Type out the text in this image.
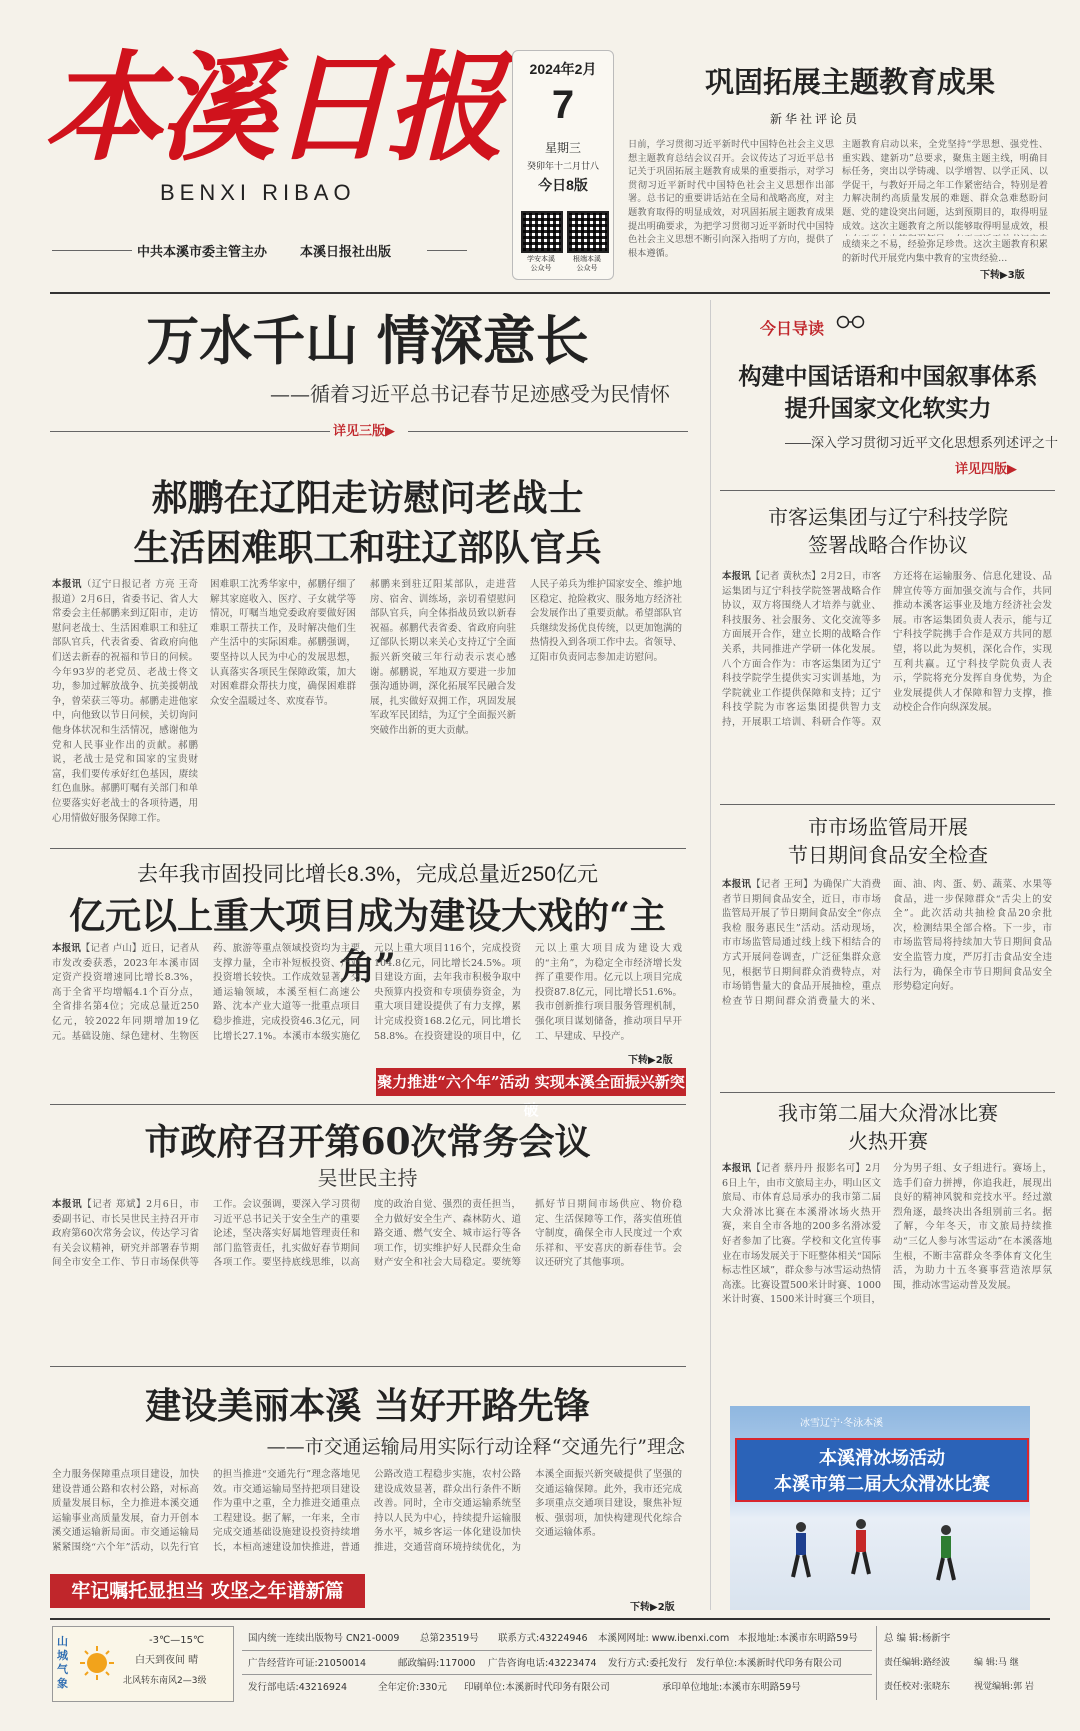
本溪日报
BENXI RIBAO
中共本溪市委主管主办	本溪日报社出版
2024年2月
7
星期三
癸卯年十二月廿八
今日8版
学安本溪
公众号
根端本溪
公众号
巩固拓展主题教育成果
新华社评论员
日前，学习贯彻习近平新时代中国特色社会主义思想主题教育总结会议召开。会议传达了习近平总书记关于巩固拓展主题教育成果的重要指示，对学习贯彻习近平新时代中国特色社会主义思想作出部署。总书记的重要讲话站在全局和战略高度，对主题教育取得的明显成效，对巩固拓展主题教育成果提出明确要求，为把学习贯彻习近平新时代中国特色社会主义思想不断引向深入指明了方向，提供了根本遵循。
主题教育启动以来，全党坚持“学思想、强党性、重实践、建新功”总要求，聚焦主题主线，明确目标任务，突出以学铸魂、以学增智、以学正风、以学促干，与教好开局之年工作紧密结合，特别是着力解决制约高质量发展的难题、群众急难愁盼问题、党的建设突出问题，达到预期目的，取得明显成效。这次主题教育之所以能够取得明显成效，根
成绩来之不易，经验弥足珍贵。这次主题教育积累的新时代开展党内集中教育的宝贵经验…
下转▶3版
万水千山 情深意长
——循着习近平总书记春节足迹感受为民情怀
详见三版▶
郝鹏在辽阳走访慰问老战士
生活困难职工和驻辽部队官兵
本报讯（辽宁日报记者 方亮 王奇 报道）2月6日，省委书记、省人大常委会主任郝鹏来到辽阳市，走访慰问老战士、生活困难职工和驻辽部队官兵，代表省委、省政府向他们送去新春的祝福和节日的问候。今年93岁的老党员、老战士佟文功，参加过解放战争、抗美援朝战争，曾荣获三等功。郝鹏走进他家中，向他致以节日问候，关切询问他身体状况和生活情况，感谢他为党和人民事业作出的贡献。郝鹏说，老战士是党和国家的宝贵财富，我们要传承好红色基因，赓续红色血脉。郝鹏叮嘱有关部门和单位要落实好老战士的各项待遇，用心用情做好服务保障工作。
困难职工沈秀华家中，郝鹏仔细了解其家庭收入、医疗、子女就学等情况，叮嘱当地党委政府要做好困难职工帮扶工作，及时解决他们生产生活中的实际困难。郝鹏强调，要坚持以人民为中心的发展思想，认真落实各项民生保障政策，加大对困难群众帮扶力度，确保困难群众安全温暖过冬、欢度春节。
郝鹏来到驻辽阳某部队，走进营房、宿舍、训练场，亲切看望慰问部队官兵，向全体指战员致以新春祝福。郝鹏代表省委、省政府向驻辽部队长期以来关心支持辽宁全面振兴新突破三年行动表示衷心感谢。郝鹏说，军地双方要进一步加强沟通协调，深化拓展军民融合发展，扎实做好双拥工作，巩固发展军政军民团结，为辽宁全面振兴新突破作出新的更大贡献。
人民子弟兵为维护国家安全、维护地区稳定、抢险救灾、服务地方经济社会发展作出了重要贡献。希望部队官兵继续发扬优良传统，以更加饱满的热情投入到各项工作中去。省领导、辽阳市负责同志参加走访慰问。
去年我市固投同比增长8.3%，完成总量近250亿元
亿元以上重大项目成为建设大戏的“主角”
本报讯【记者 卢山】近日，记者从市发改委获悉，2023年本溪市固定资产投资增速同比增长8.3%，高于全省平均增幅4.1个百分点，全省排名第4位；完成总量近250亿元，较2022年同期增加19亿元。基础设施、绿色建材、生物医药、旅游等重点领域投资均为主要支撑力量，全市补短板投资、产业投资增长较快。工作成效显著。交通运输领域，本溪至桓仁高速公路、沈本产业大道等一批重点项目稳步推进，完成投资46.3亿元，同比增长27.1%。本溪市本级实施亿元以上重大项目116个，完成投资104.8亿元，同比增长24.5%。项目建设方面，去年我市积极争取中央预算内投资和专项债券资金，为重大项目建设提供了有力支撑，累计完成投资168.2亿元，同比增长58.8%。在投资建设的项目中，亿元以上重大项目成为建设大戏的“主角”，为稳定全市经济增长发挥了重要作用。亿元以上项目完成投资87.8亿元，同比增长51.6%。我市创新推行项目服务管理机制，强化项目谋划储备，推动项目早开工、早建成、早投产。
下转▶2版
聚力推进“六个年”活动 实现本溪全面振兴新突破
市政府召开第60次常务会议
吴世民主持
本报讯【记者 郑斌】2月6日，市委副书记、市长吴世民主持召开市政府第60次常务会议，传达学习省有关会议精神，研究并部署春节期间全市安全工作、节日市场保供等工作。会议强调，要深入学习贯彻习近平总书记关于安全生产的重要论述，坚决落实好属地管理责任和部门监管责任，扎实做好春节期间各项工作。要坚持底线思维，以高度的政治自觉、强烈的责任担当，全力做好安全生产、森林防火、道路交通、燃气安全、城市运行等各项工作，切实维护好人民群众生命财产安全和社会大局稳定。要统筹抓好节日期间市场供应、物价稳定、生活保障等工作，落实值班值守制度，确保全市人民度过一个欢乐祥和、平安喜庆的新春佳节。会议还研究了其他事项。
建设美丽本溪 当好开路先锋
——市交通运输局用实际行动诠释“交通先行”理念
全力服务保障重点项目建设，加快建设普通公路和农村公路，对标高质量发展目标，全力推进本溪交通运输事业高质量发展，奋力开创本溪交通运输新局面。市交通运输局紧紧围绕“六个年”活动，以先行官的担当推进“交通先行”理念落地见效。市交通运输局坚持把项目建设作为重中之重，全力推进交通重点工程建设。据了解，一年来，全市完成交通基础设施建设投资持续增长，本桓高速建设加快推进，普通公路改造工程稳步实施，农村公路建设成效显著，群众出行条件不断改善。同时，全市交通运输系统坚持以人民为中心，持续提升运输服务水平，城乡客运一体化建设加快推进，交通营商环境持续优化，为本溪全面振兴新突破提供了坚强的交通运输保障。此外，我市还完成多项重点交通项目建设，聚焦补短板、强弱项，加快构建现代化综合交通运输体系。
牢记嘱托显担当 攻坚之年谱新篇
下转▶2版
今日导读
构建中国话语和中国叙事体系
提升国家文化软实力
——深入学习贯彻习近平文化思想系列述评之十
详见四版▶
市客运集团与辽宁科技学院
签署战略合作协议
本报讯【记者 黄秋杰】2月2日，市客运集团与辽宁科技学院签署战略合作协议，双方将围绕人才培养与就业、科技服务、社会服务、文化交流等多方面展开合作，建立长期的战略合作关系，共同推进产学研一体化发展。八个方面合作为：市客运集团为辽宁科技学院学生提供实习实训基地，为学院就业工作提供保障和支持；辽宁科技学院为市客运集团提供智力支持，开展职工培训、科研合作等。双方还将在运输服务、信息化建设、品牌宣传等方面加强交流与合作，共同推动本溪客运事业及地方经济社会发展。市客运集团负责人表示，能与辽宁科技学院携手合作是双方共同的愿望，将以此为契机，深化合作，实现互利共赢。辽宁科技学院负责人表示，学院将充分发挥自身优势，为企业发展提供人才保障和智力支撑，推动校企合作向纵深发展。
市市场监管局开展
节日期间食品安全检查
本报讯【记者 王珂】为确保广大消费者节日期间食品安全，近日，市市场监管局开展了节日期间食品安全“你点我检 服务惠民生”活动。活动现场，市市场监管局通过线上线下相结合的方式开展问卷调查，广泛征集群众意见，根据节日期间群众消费特点，对市场销售量大的食品开展抽检，重点检查节日期间群众消费量大的米、面、油、肉、蛋、奶、蔬菜、水果等食品，进一步保障群众“舌尖上的安全”。此次活动共抽检食品20余批次，检测结果全部合格。下一步，市市场监管局将持续加大节日期间食品安全监管力度，严厉打击食品安全违法行为，确保全市节日期间食品安全形势稳定向好。
我市第二届大众滑冰比赛
火热开赛
本报讯【记者 蔡丹丹 报影名可】2月6日上午，由市文旅局主办，明山区文旅局、市体育总局承办的我市第二届大众滑冰比赛在本溪滑冰场火热开赛，来自全市各地的200多名滑冰爱好者参加了比赛。学校和文化宣传事业在市场发展关于下旺整体相关“国际标志性区域”，群众参与冰雪运动热情高涨。比赛设置500米计时赛、1000米计时赛、1500米计时赛三个项目，分为男子组、女子组进行。赛场上，选手们奋力拼搏，你追我赶，展现出良好的精神风貌和竞技水平。经过激烈角逐，最终决出各组别前三名。据了解，今年冬天，市文旅局持续推动“三亿人参与冰雪运动”在本溪落地生根，不断丰富群众冬季体育文化生活，为助力十五冬赛事营造浓厚氛围，推动冰雪运动普及发展。
冰雪辽宁·冬泳本溪
本溪滑冰场活动
本溪市第二届大众滑冰比赛
山城气象
-3℃—15℃
白天到夜间 晴
北风转东南风2—3级
国内统一连续出版物号 CN21-0009 总第23519号 联系方式:43224946 本溪网网址: www.ibenxi.com 本报地址:本溪市东明路59号
广告经营许可证:21050014	邮政编码:117000 广告咨询电话:43223474 发行方式:委托发行 发行单位:本溪新时代印务有限公司
发行部电话:43216924	全年定价:330元 印刷单位:本溪新时代印务有限公司	承印单位地址:本溪市东明路59号
总 编 辑:杨新宇
责任编辑:路经波	编 辑:马 继
责任校对:张晓东	视觉编辑:郭 岩
